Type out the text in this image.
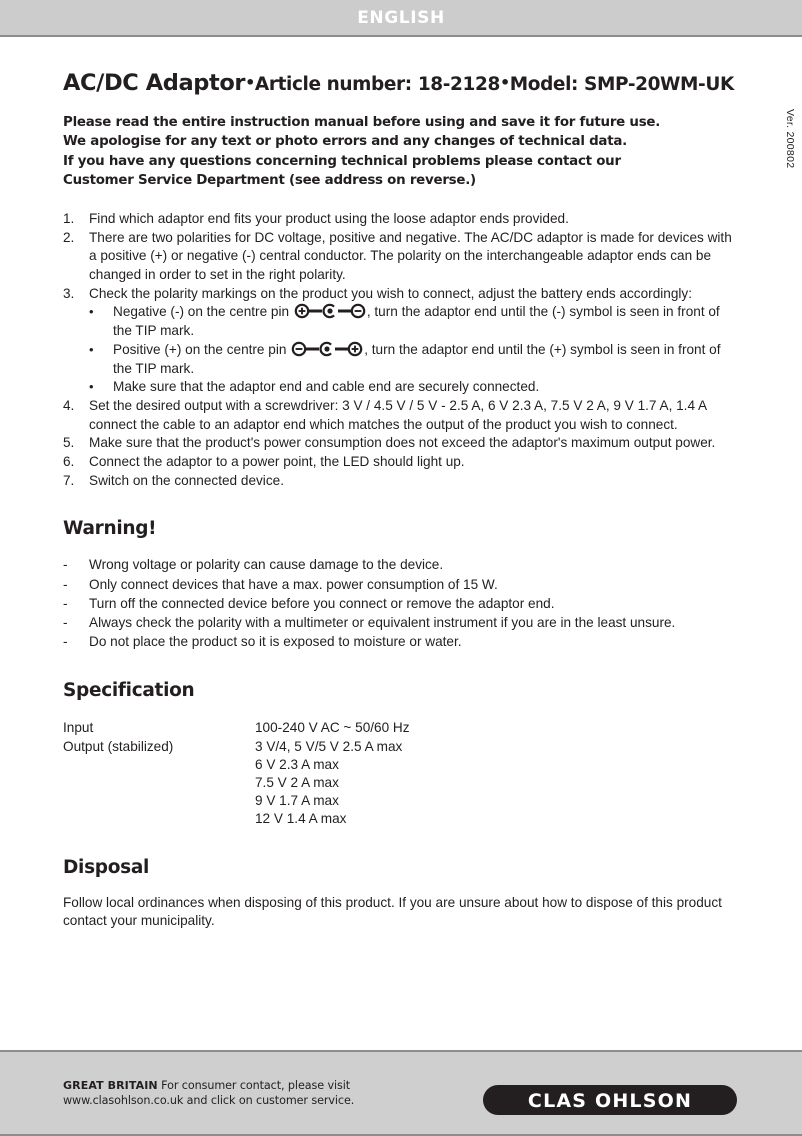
ENGLISH
Ver. 200802
AC/DC Adaptor•Article number: 18-2128•Model: SMP-20WM-UK
Please read the entire instruction manual before using and save it for future use.
We apologise for any text or photo errors and any changes of technical data.
If you have any questions concerning technical problems please contact our
Customer Service Department (see address on reverse.)
1.	Find which adaptor end fits your product using the loose adaptor ends provided.
2.	There are two polarities for DC voltage, positive and negative. The AC/DC adaptor is made for devices with a positive (+) or negative (-) central conductor. The polarity on the interchangeable adaptor ends can be changed in order to set in the right polarity.
3.	Check the polarity markings on the product you wish to connect, adjust the battery ends accordingly:
•	Negative (-) on the centre pin	, turn the adaptor end until the (-) symbol is seen in front of the TIP mark.
•	Positive (+) on the centre pin	, turn the adaptor end until the (+) symbol is seen in front of the TIP mark.
•	Make sure that the adaptor end and cable end are securely connected.
4.	Set the desired output with a screwdriver: 3 V / 4.5 V / 5 V - 2.5 A, 6 V 2.3 A, 7.5 V 2 A, 9 V 1.7 A, 1.4 A connect the cable to an adaptor end which matches the output of the product you wish to connect.
5.	Make sure that the product's power consumption does not exceed the adaptor's maximum output power.
6.	Connect the adaptor to a power point, the LED should light up.
7.	Switch on the connected device.
Warning!
-	Wrong voltage or polarity can cause damage to the device.
-	Only connect devices that have a max. power consumption of 15 W.
-	Turn off the connected device before you connect or remove the adaptor end.
-	Always check the polarity with a multimeter or equivalent instrument if you are in the least unsure.
-	Do not place the product so it is exposed to moisture or water.
Specification
Input	100-240 V AC ~ 50/60 Hz
Output (stabilized)	3 V/4, 5 V/5 V 2.5 A max
	6 V 2.3 A max
	7.5 V 2 A max
	9 V 1.7 A max
	12 V 1.4 A max
Disposal
Follow local ordinances when disposing of this product. If you are unsure about how to dispose of this product contact your municipality.
GREAT BRITAIN For consumer contact, please visit www.clasohlson.co.uk and click on customer service.	CLAS OHLSON
